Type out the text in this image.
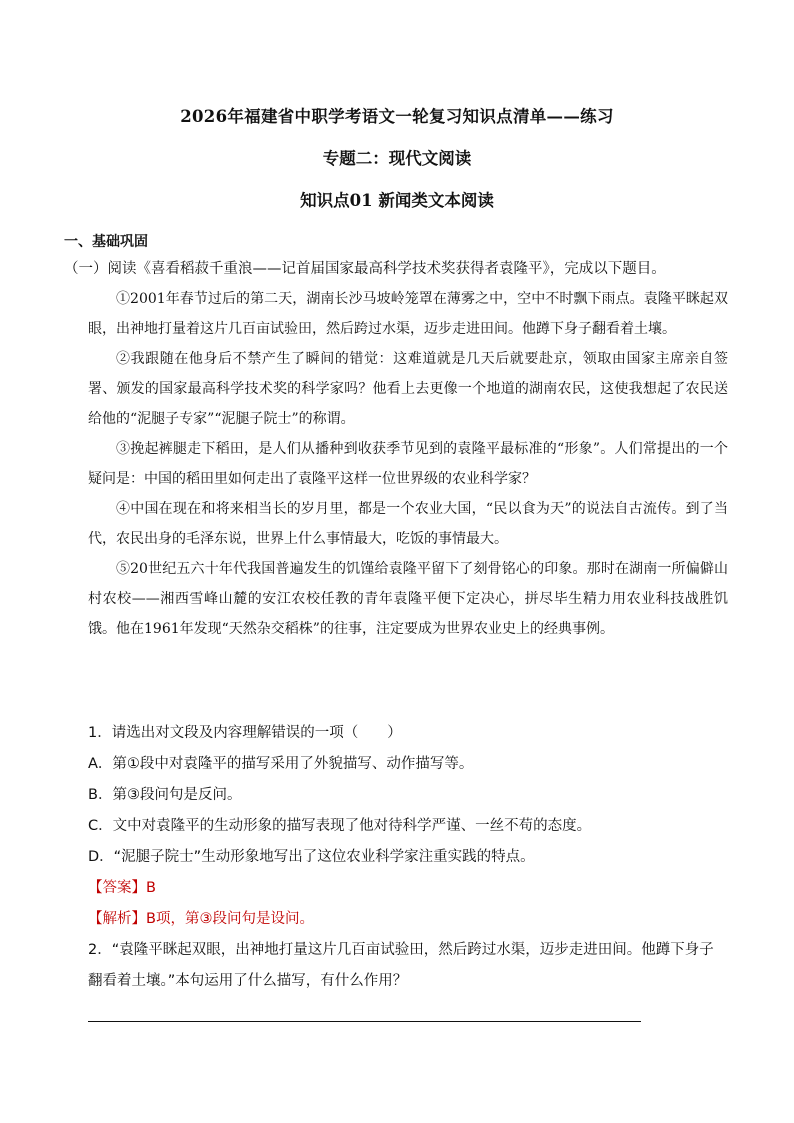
2026年福建省中职学考语文一轮复习知识点清单——练习
专题二：现代文阅读
知识点01 新闻类文本阅读
一、基础巩固
（一）阅读《喜看稻菽千重浪——记首届国家最高科学技术奖获得者袁隆平》，完成以下题目。

①2001年春节过后的第二天，湖南长沙马坡岭笼罩在薄雾之中，空中不时飘下雨点。袁隆平眯起双眼，出神地打量着这片几百亩试验田，然后跨过水渠，迈步走进田间。他蹲下身子翻看着土壤。

②我跟随在他身后不禁产生了瞬间的错觉：这难道就是几天后就要赴京，领取由国家主席亲自签署、颁发的国家最高科学技术奖的科学家吗？他看上去更像一个地道的湖南农民，这使我想起了农民送给他的“泥腿子专家”“泥腿子院士”的称谓。

③挽起裤腿走下稻田，是人们从播种到收获季节见到的袁隆平最标准的“形象”。人们常提出的一个疑问是：中国的稻田里如何走出了袁隆平这样一位世界级的农业科学家？

④中国在现在和将来相当长的岁月里，都是一个农业大国，“民以食为天”的说法自古流传。到了当代，农民出身的毛泽东说，世界上什么事情最大，吃饭的事情最大。

⑤20世纪五六十年代我国普遍发生的饥馑给袁隆平留下了刻骨铭心的印象。那时在湖南一所偏僻山村农校——湘西雪峰山麓的安江农校任教的青年袁隆平便下定决心，拼尽毕生精力用农业科技战胜饥饿。他在1961年发现“天然杂交稻株”的往事，注定要成为世界农业史上的经典事例。

1．请选出对文段及内容理解错误的一项（　　）

A．第①段中对袁隆平的描写采用了外貌描写、动作描写等。

B．第③段问句是反问。

C．文中对袁隆平的生动形象的描写表现了他对待科学严谨、一丝不苟的态度。

D．“泥腿子院士”生动形象地写出了这位农业科学家注重实践的特点。

【答案】B

【解析】B项，第③段问句是设问。

2．“袁隆平眯起双眼，出神地打量这片几百亩试验田，然后跨过水渠，迈步走进田间。他蹲下身子翻看着土壤。”本句运用了什么描写，有什么作用？
